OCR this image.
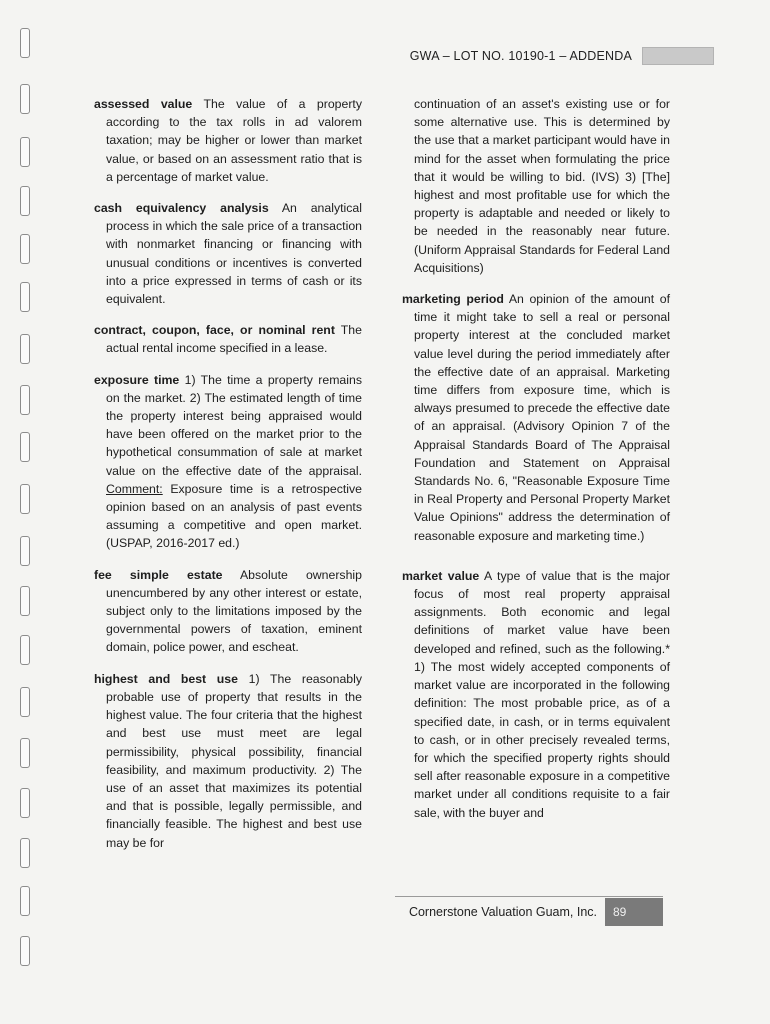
GWA – LOT NO. 10190-1 – ADDENDA

assessed value The value of a property according to the tax rolls in ad valorem taxation; may be higher or lower than market value, or based on an assessment ratio that is a percentage of market value.

cash equivalency analysis An analytical process in which the sale price of a transaction with nonmarket financing or financing with unusual conditions or incentives is converted into a price expressed in terms of cash or its equivalent.

contract, coupon, face, or nominal rent The actual rental income specified in a lease.

exposure time 1) The time a property remains on the market. 2) The estimated length of time the property interest being appraised would have been offered on the market prior to the hypothetical consummation of sale at market value on the effective date of the appraisal. Comment: Exposure time is a retrospective opinion based on an analysis of past events assuming a competitive and open market. (USPAP, 2016-2017 ed.)

fee simple estate Absolute ownership unencumbered by any other interest or estate, subject only to the limitations imposed by the governmental powers of taxation, eminent domain, police power, and escheat.

highest and best use 1) The reasonably probable use of property that results in the highest value. The four criteria that the highest and best use must meet are legal permissibility, physical possibility, financial feasibility, and maximum productivity. 2) The use of an asset that maximizes its potential and that is possible, legally permissible, and financially feasible. The highest and best use may be for

continuation of an asset's existing use or for some alternative use. This is determined by the use that a market participant would have in mind for the asset when formulating the price that it would be willing to bid. (IVS) 3) [The] highest and most profitable use for which the property is adaptable and needed or likely to be needed in the reasonably near future. (Uniform Appraisal Standards for Federal Land Acquisitions)

marketing period An opinion of the amount of time it might take to sell a real or personal property interest at the concluded market value level during the period immediately after the effective date of an appraisal. Marketing time differs from exposure time, which is always presumed to precede the effective date of an appraisal. (Advisory Opinion 7 of the Appraisal Standards Board of The Appraisal Foundation and Statement on Appraisal Standards No. 6, "Reasonable Exposure Time in Real Property and Personal Property Market Value Opinions" address the determination of reasonable exposure and marketing time.)

market value A type of value that is the major focus of most real property appraisal assignments. Both economic and legal definitions of market value have been developed and refined, such as the following.* 1) The most widely accepted components of market value are incorporated in the following definition: The most probable price, as of a specified date, in cash, or in terms equivalent to cash, or in other precisely revealed terms, for which the specified property rights should sell after reasonable exposure in a competitive market under all conditions requisite to a fair sale, with the buyer and

Cornerstone Valuation Guam, Inc.	89
